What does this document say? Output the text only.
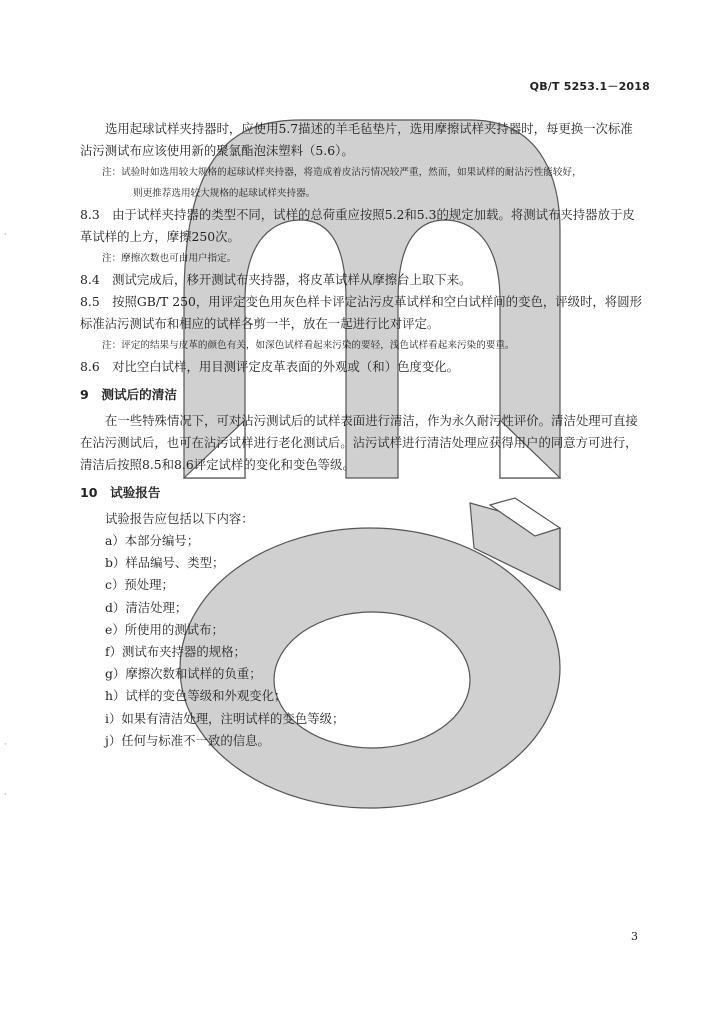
QB/T 5253.1－2018

选用起球试样夹持器时，应使用5.7描述的羊毛毡垫片，选用摩擦试样夹持器时，每更换一次标准

沾污测试布应该使用新的聚氯酯泡沫塑料（5.6）。

注：试验时如选用较大规格的起球试样夹持器，将造成着皮沾污情况较严重，然而，如果试样的耐沾污性能较好，

则更推荐选用较大规格的起球试样夹持器。

8.3　由于试样夹持器的类型不同，试样的总荷重应按照5.2和5.3的规定加载。将测试布夹持器放于皮

革试样的上方，摩擦250次。

注：摩擦次数也可由用户指定。

8.4　测试完成后，移开测试布夹持器，将皮革试样从摩擦台上取下来。

8.5　按照GB/T 250，用评定变色用灰色样卡评定沾污皮革试样和空白试样间的变色，评级时，将圆形

标准沾污测试布和相应的试样各剪一半，放在一起进行比对评定。

注：评定的结果与皮革的颜色有关，如深色试样看起来污染的要轻，浅色试样看起来污染的要重。

8.6　对比空白试样，用目测评定皮革表面的外观或（和）色度变化。

9　测试后的清洁

在一些特殊情况下，可对沾污测试后的试样表面进行清洁，作为永久耐污性评价。清洁处理可直接

在沾污测试后，也可在沾污试样进行老化测试后。沾污试样进行清洁处理应获得用户的同意方可进行，

清洁后按照8.5和8.6评定试样的变化和变色等级。

10　试验报告

试验报告应包括以下内容：

a）本部分编号；

b）样品编号、类型；

c）预处理；

d）清洁处理；

e）所使用的测试布；

f）测试布夹持器的规格；

g）摩擦次数和试样的负重；

h）试样的变色等级和外观变化；

i）如果有清洁处理，注明试样的变色等级；

j）任何与标准不一致的信息。

3
·
·
·
